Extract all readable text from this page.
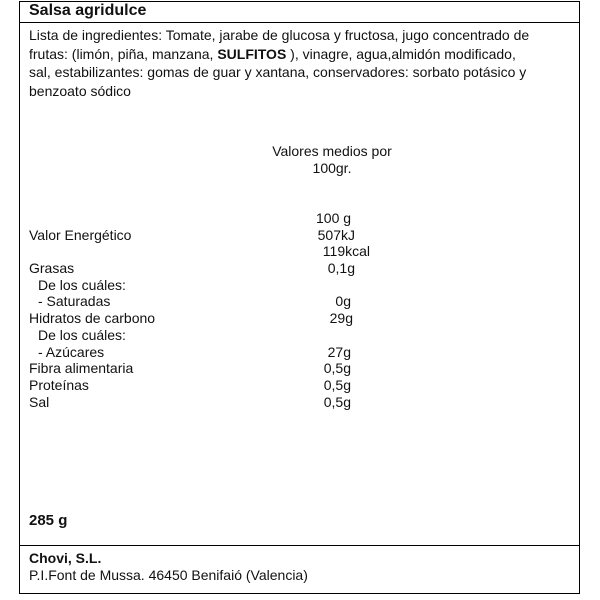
Salsa agridulce

Lista de ingredientes: Tomate, jarabe de glucosa y fructosa, jugo concentrado de

frutas: (limón, piña, manzana, SULFITOS ), vinagre, agua,almidón modificado,

sal, estabilizantes: gomas de guar y xantana, conservadores: sorbato potásico y

benzoato sódico

Valores medios por
100gr.
100 g
Valor Energético	507kJ
119kcal
Grasas	0,1g
De los cuáles:
- Saturadas	0g
Hidratos de carbono	29g
De los cuáles:
- Azúcares	27g
Fibra alimentaria	0,5g
Proteínas	0,5g
Sal	0,5g
285 g
Chovi, S.L.
P.I.Font de Mussa. 46450 Benifaió (Valencia)
